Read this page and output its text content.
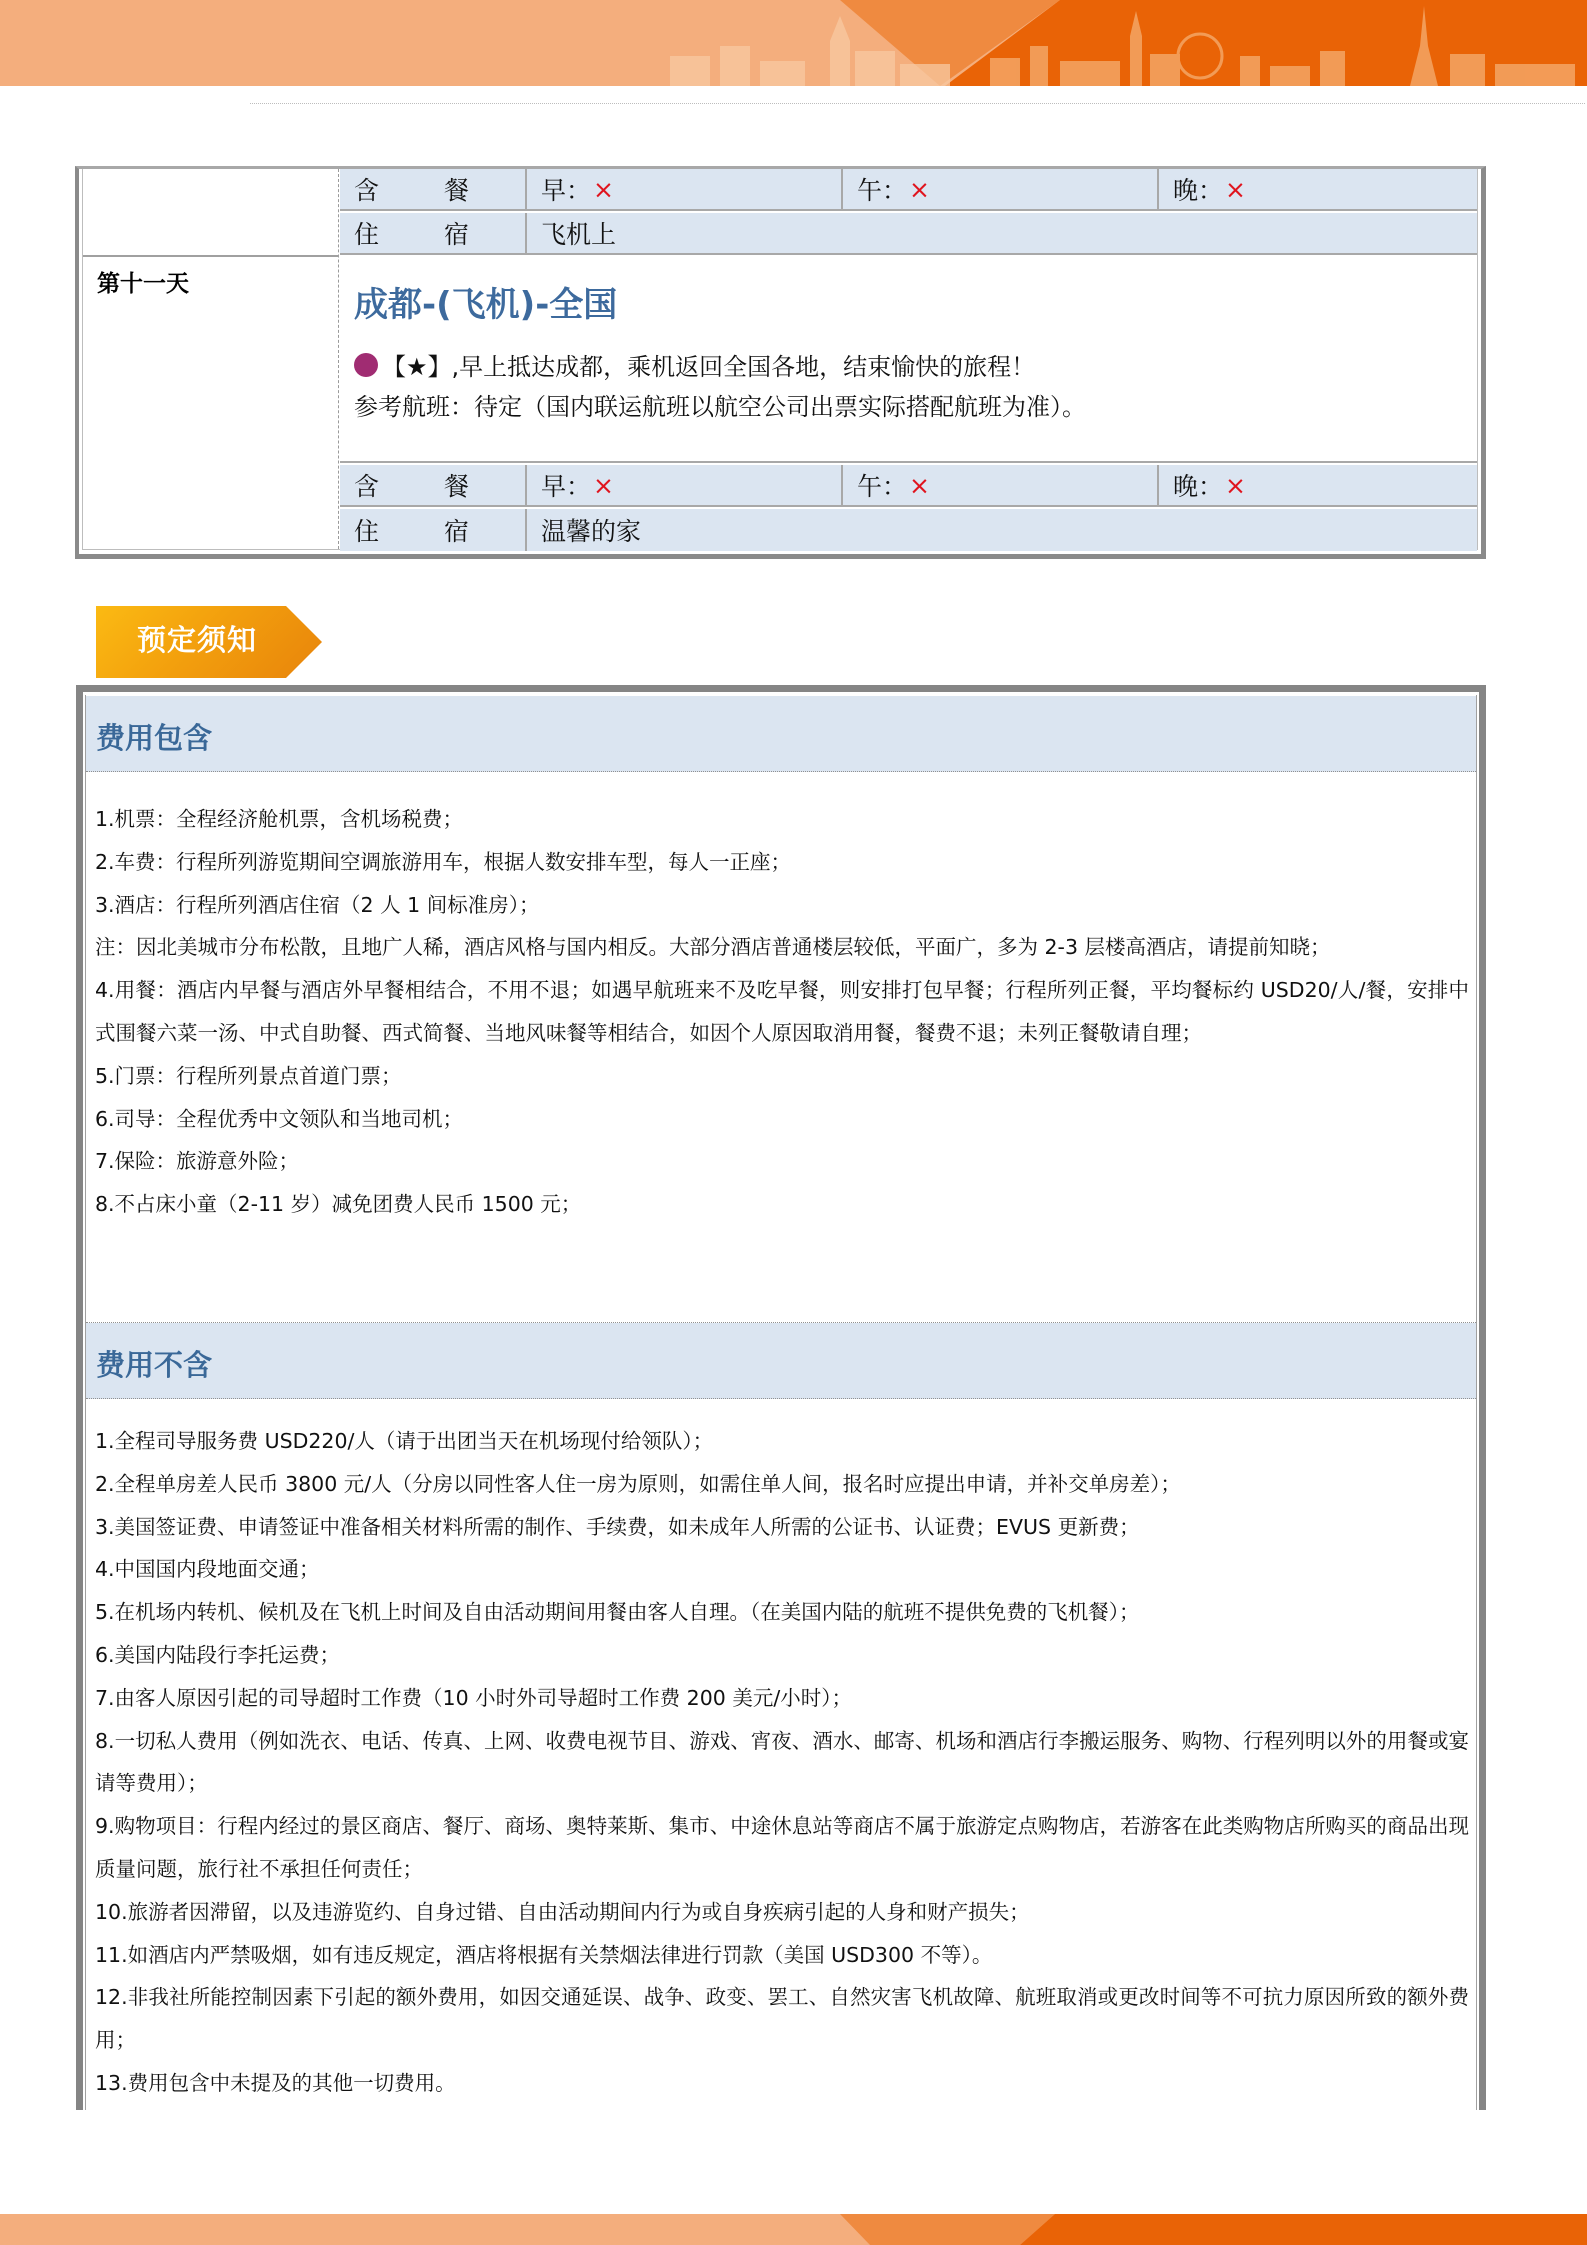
第十一天
含　餐	早： ×	午： ×	晚： ×
住　宿	飞机上
成都-(飞机)-全国
【★】,早上抵达成都，乘机返回全国各地，结束愉快的旅程！
参考航班：待定（国内联运航班以航空公司出票实际搭配航班为准）。
含　餐	早： ×	午： ×	晚： ×
住　宿	温馨的家
预定须知
费用包含
1.机票：全程经济舱机票，含机场税费；
2.车费：行程所列游览期间空调旅游用车，根据人数安排车型，每人一正座；
3.酒店：行程所列酒店住宿（2 人 1 间标准房）；
注：因北美城市分布松散，且地广人稀，酒店风格与国内相反。大部分酒店普通楼层较低，平面广，多为 2-3 层楼高酒店，请提前知晓；
4.用餐：酒店内早餐与酒店外早餐相结合，不用不退；如遇早航班来不及吃早餐，则安排打包早餐；行程所列正餐，平均餐标约 USD20/人/餐，安排中式围餐六菜一汤、中式自助餐、西式简餐、当地风味餐等相结合，如因个人原因取消用餐，餐费不退；未列正餐敬请自理；
5.门票：行程所列景点首道门票；
6.司导：全程优秀中文领队和当地司机；
7.保险：旅游意外险；
8.不占床小童（2-11 岁）减免团费人民币 1500 元；
费用不含
1.全程司导服务费 USD220/人（请于出团当天在机场现付给领队）；
2.全程单房差人民币 3800 元/人（分房以同性客人住一房为原则，如需住单人间，报名时应提出申请，并补交单房差）；
3.美国签证费、申请签证中准备相关材料所需的制作、手续费，如未成年人所需的公证书、认证费；EVUS 更新费；
4.中国国内段地面交通；
5.在机场内转机、候机及在飞机上时间及自由活动期间用餐由客人自理。（在美国内陆的航班不提供免费的飞机餐）；
6.美国内陆段行李托运费；
7.由客人原因引起的司导超时工作费（10 小时外司导超时工作费 200 美元/小时）；
8.一切私人费用（例如洗衣、电话、传真、上网、收费电视节目、游戏、宵夜、酒水、邮寄、机场和酒店行李搬运服务、购物、行程列明以外的用餐或宴请等费用）；
9.购物项目：行程内经过的景区商店、餐厅、商场、奥特莱斯、集市、中途休息站等商店不属于旅游定点购物店，若游客在此类购物店所购买的商品出现质量问题，旅行社不承担任何责任；
10.旅游者因滞留，以及违游览约、自身过错、自由活动期间内行为或自身疾病引起的人身和财产损失；
11.如酒店内严禁吸烟，如有违反规定，酒店将根据有关禁烟法律进行罚款（美国 USD300 不等）。
12.非我社所能控制因素下引起的额外费用，如因交通延误、战争、政变、罢工、自然灾害飞机故障、航班取消或更改时间等不可抗力原因所致的额外费用；
13.费用包含中未提及的其他一切费用。
